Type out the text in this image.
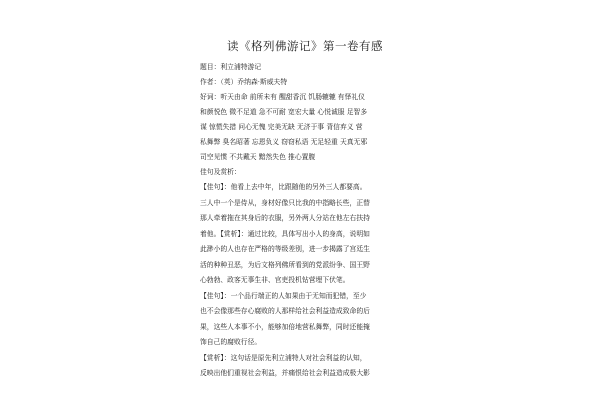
读《格列佛游记》第一卷有感
题目：利立浦特游记
作者：（英）乔纳森·斯威夫特
好词：听天由命 前所未有 醒甜香沉 饥肠辘辘 有怿礼仪
和颜悦色 微不足道 急不可耐 宽宏大量 心悦诚服 足智多
谋 惊慌失措 问心无愧 完美无缺 无济于事 背信弃义 营
私舞弊 臭名昭著 忘恩负义 窃窃私语 无足轻重 天真无邪
司空见惯 不共戴天 黯然失色 推心置腹
佳句及赏析：
【佳句】：他看上去中年，比跟随他的另外三人都要高。
三人中一个是侍从，身材好像只比我的中指略长些，正替
那人牵着拖在其身后的衣服，另外两人分站在他左右扶持
着他。【赏析】：通过比较，具体写出小人的身高，说明如
此渺小的人也存在严格的等级差别，进一步揭露了宫廷生
活的种种丑恶，为后文格列佛所看到的党派纷争、国王野
心勃勃、政客无事生非、官吏投机钻营埋下伏笔。
【佳句】：一个品行端正的人如果由于无知而犯错，至少
也不会像那些存心腐败的人那样给社会利益造成致命的后
果，这些人本事不小，能够加倍地营私舞弊，同时还能掩
饰自己的腐败行径。
【赏析】：这句话是原先利立浦特人对社会利益的认知，
反映出他们重视社会利益，并痛恨给社会利益造成极大影
